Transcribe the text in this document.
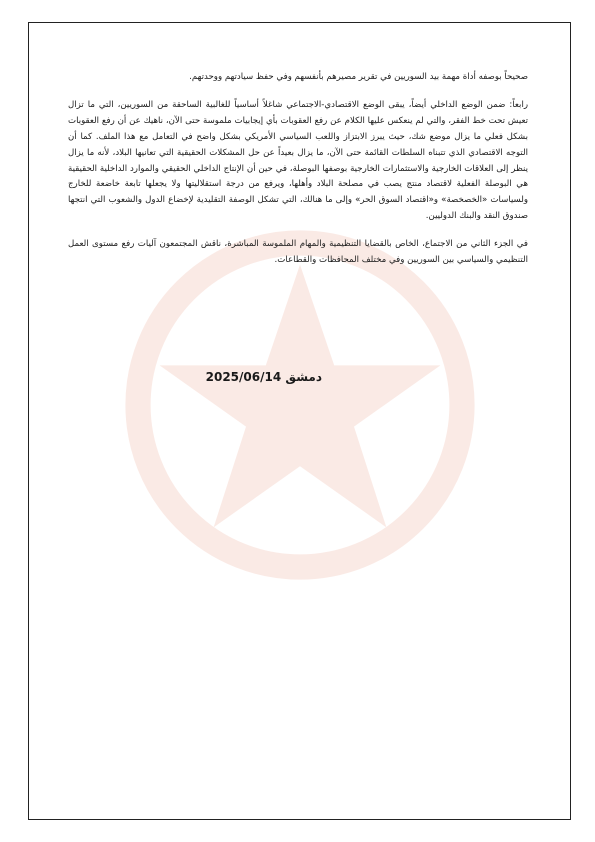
صحيحاً بوصفه أداة مهمة بيد السوريين في تقرير مصيرهم بأنفسهم وفي حفظ سيادتهم ووحدتهم.

رابعاً: ضمن الوضع الداخلي أيضاً، يبقى الوضع الاقتصادي-الاجتماعي شاغلاً أساسياً للغالبية الساحقة من السوريين، التي ما تزال تعيش تحت خط الفقر، والتي لم ينعكس عليها الكلام عن رفع العقوبات بأي إيجابيات ملموسة حتى الآن، ناهيك عن أن رفع العقوبات بشكل فعلي ما يزال موضع شك، حيث يبرز الابتزاز واللعب السياسي الأمريكي بشكل واضح في التعامل مع هذا الملف. كما أن التوجه الاقتصادي الذي تتبناه السلطات القائمة حتى الآن، ما يزال بعيداً عن حل المشكلات الحقيقية التي تعانيها البلاد، لأنه ما يزال ينظر إلى العلاقات الخارجية والاستثمارات الخارجية بوصفها البوصلة، في حين أن الإنتاج الداخلي الحقيقي والموارد الداخلية الحقيقية هي البوصلة الفعلية لاقتصاد منتج يصب في مصلحة البلاد وأهلها، ويرفع من درجة استقلاليتها ولا يجعلها تابعة خاضعة للخارج ولسياسات «الخصخصة» و«اقتصاد السوق الحر» وإلى ما هنالك، التي تشكل الوصفة التقليدية لإخضاع الدول والشعوب التي انتجها صندوق النقد والبنك الدوليين.

في الجزء الثاني من الاجتماع، الخاص بالقضايا التنظيمية والمهام الملموسة المباشرة، ناقش المجتمعون آليات رفع مستوى العمل التنظيمي والسياسي بين السوريين وفي مختلف المحافظات والقطاعات.

دمشق 2025/06/14
